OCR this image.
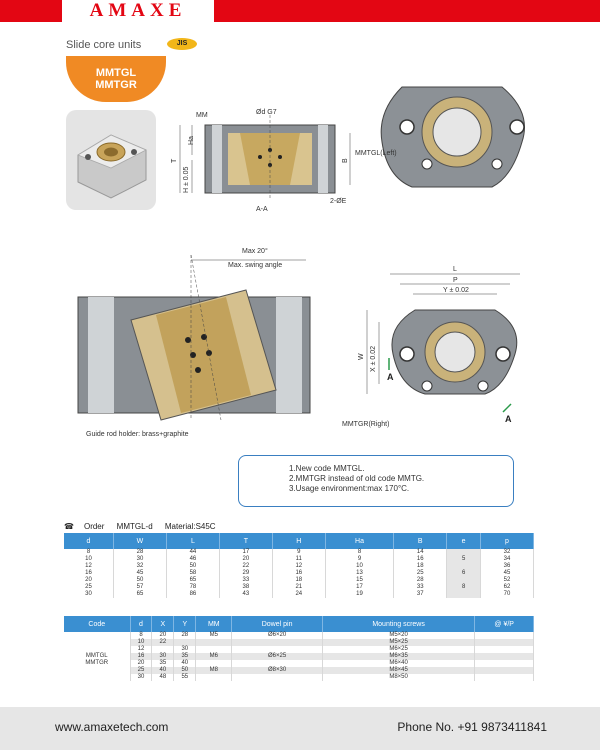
AMAXE
Slide core units	JIS
MMTGL
MMTGR
MM	Ød G7
Ha
T
H ± 0.05
B
A-A
2-ØE
MMTGL(Left)
Max 20°
Max. swing angle
Guide rod holder: brass+graphite
L
P
Y ± 0.02
W X ± 0.02
A
A
MMTGR(Right)
1.New code MMTGL.
2.MMTGR instead of old code MMTG.
3.Usage environment:max 170°C.
☎ Order MMTGL-d Material:S45C
d	W	L	T	H	Ha	B	e	p
8	28	44	17	9	8	14		32
10	30	46	20	11	9	16	5	34
12	32	50	22	12	10	18		36
16	45	58	29	16	13	25	6	45
20	50	65	33	18	15	28		52
25	57	78	38	21	17	33	8	62
30	65	86	43	24	19	37		70
Code	d	X	Y	MM	Dowel pin	Mounting screws	@ ¥/P
	8	20	28	M5	Ø6×20	M5×20	
	10	22				M5×25	
	12		30			M6×25	
MMTGL	16	30	35	M6	Ø6×25	M6×35	
MMTGR	20	35	40			M6×40	
	25	40	50	M8	Ø8×30	M8×45	
	30	48	55			M8×50	
www.amaxetech.com	Phone No. +91 9873411841
